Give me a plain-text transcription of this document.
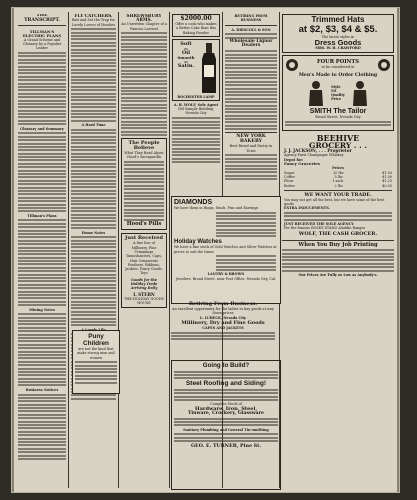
THE TRANSCRIPT.
TILLMAN'S ELECTRIC PLANS
A Grand Scheme and Glossary by a Populist Leader
Glossary and Summary
Tillman's Plans
Mining Notes
Business Notices
FLY CATCHERS.
Bait and Set the Trap for Lovely Lovers of Hoodies
A Hard Time
Home Notes
SHREWSBURY ARMS.
An Unwritten Chapter of a Famous Lawsuit
The People Believe
What They Read About Hood's Sarsaparilla
Hood's Pills
Just Received
A fine line of
Millinery, Fine Trimmings
Tamoshanters, Caps, Hair Ornaments
Feathers, Ribbons,
Jackets, Fancy Goods, Toys
Goods for the Holiday Trade Arriving Daily
I. STERN
THE HOLIDAY GOODS HOUSE
Puny Children
are not the kind that make strong men and women
$2000.00
Offer a cook who makes a Better Cake than this Baking Powder
Soft
as
Oil
Smooth
as
Satin.
ROCHESTER LAMP
A. B. WOLF, Sole Agent
Old Sample Building, Nevada City
DIAMONDS
We have them in Rings, Studs, Pins and Earrings
Holiday Watches
We have a fine stock of Gold Watches and Silver Watches at prices to suit the times
LANTRY & BROWN
Jewelers, Broad Street, near Post Office, Nevada City, Cal.
Retiring From Business.
An excellent opportunity for the ladies to buy goods at way down prices
L. LUBECK, Nevada City
Millinery, Dry and Fine Goods
CAPES AND JACKETS
Going to Build?
Steel Roofing and Siding!
Complete Stock of
Hardware, Iron, Steel,
Tinware, Crockery, Glassware
Sanitary Plumbing and General Tin-smithing
GEO. E. TURNER, Pine St.
RETIRING FROM BUSINESS
A. DRISCOLL & SON
Wholesale Liquor Dealers
NEW YORK BAKERY
Best Bread and Pastry in Town
Trimmed Hats
at $2, $3, $4 & $5.
The latest styles in
Dress Goods
MRS. W. H. CRAWFORD
FOUR POINTS
to be considered in
Men's Made to Order Clothing
Style
Fit
Quality
Price
SMITH The Tailor
Broad Street, Nevada City
BEEHIVE
GROCERY . . .
J. J. JACKSON, . . . Proprietor
Agency Paris Champagne Whiskey
Depot for:
Fancy Groceries
Prices
Sugar	20 lbs	$1.00
Coffee	5 lbs	$1.00
Flour	1 sack	$1.25
Butter	2 lbs	$0.55
WE WANT YOUR TRADE.
You may not get all the best, but we have some of the best goods
EXTRA INDUCEMENTS.
JUST RECEIVED THE SOLE AGENCY
For the famous ROSES STAND Aladdin Ranges
WOLF, THE CASH GROCER.
When You Buy Job Printing
Our Prices Are Fully as Low as Anybody's.
